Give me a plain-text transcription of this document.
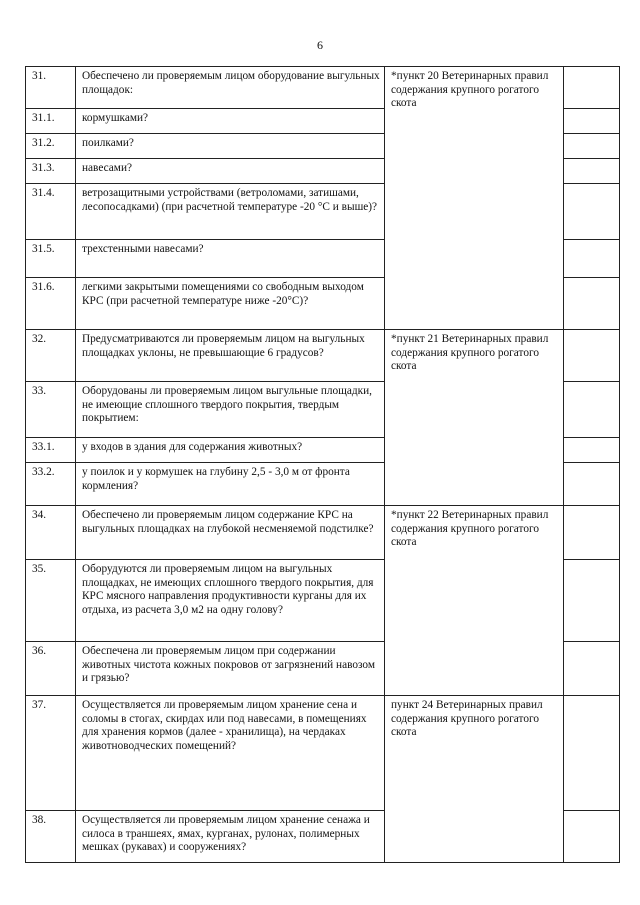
6
31.	Обеспечено ли проверяемым лицом оборудование выгульных площадок:	*пункт 20 Ветеринарных правил содержания крупного рогатого скота	
31.1.	кормушками?		
31.2.	поилками?		
31.3.	навесами?		
31.4.	ветрозащитными устройствами (ветроломами, затишами, лесопосадками) (при расчетной температуре -20 °С и выше)?		
31.5.	трехстенными навесами?		
31.6.	легкими закрытыми помещениями со свободным выходом КРС (при расчетной температуре ниже -20°С)?		
32.	Предусматриваются ли проверяемым лицом на выгульных площадках уклоны, не превышающие 6 градусов?	*пункт 21 Ветеринарных правил содержания крупного рогатого скота	
33.	Оборудованы ли проверяемым лицом выгульные площадки, не имеющие сплошного твердого покрытия, твердым покрытием:		
33.1.	у входов в здания для содержания животных?		
33.2.	у поилок и у кормушек на глубину 2,5 - 3,0 м от фронта кормления?		
34.	Обеспечено ли проверяемым лицом содержание КРС на выгульных площадках на глубокой несменяемой подстилке?	*пункт 22 Ветеринарных правил содержания крупного рогатого скота	
35.	Оборудуются ли проверяемым лицом на выгульных площадках, не имеющих сплошного твердого покрытия, для КРС мясного направления продуктивности курганы для их отдыха, из расчета 3,0 м2 на одну голову?		
36.	Обеспечена ли проверяемым лицом при содержании животных чистота кожных покровов от загрязнений навозом и грязью?		
37.	Осуществляется ли проверяемым лицом хранение сена и соломы в стогах, скирдах или под навесами, в помещениях для хранения кормов (далее - хранилища), на чердаках животноводческих помещений?	пункт 24 Ветеринарных правил содержания крупного рогатого скота	
38.	Осуществляется ли проверяемым лицом хранение сенажа и силоса в траншеях, ямах, курганах, рулонах, полимерных мешках (рукавах) и сооружениях?		
